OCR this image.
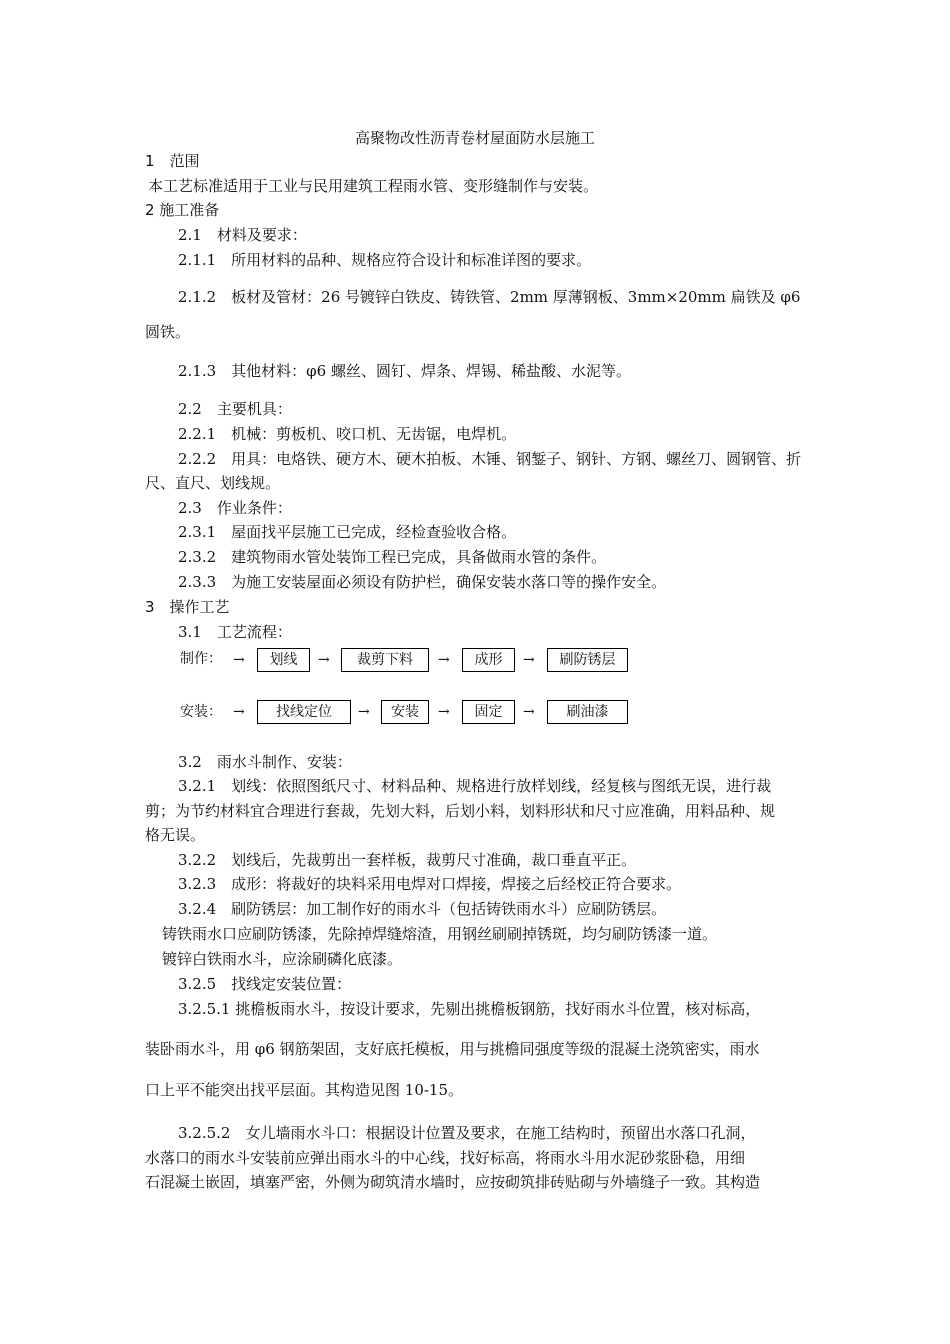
高聚物改性沥青卷材屋面防水层施工
1　范围
本工艺标准适用于工业与民用建筑工程雨水管、变形缝制作与安装。
2 施工准备
2.1　材料及要求：
2.1.1　所用材料的品种、规格应符合设计和标准详图的要求。
2.1.2　板材及管材：26 号镀锌白铁皮、铸铁管、2mm 厚薄钢板、3mm×20mm 扁铁及 φ6
圆铁。
2.1.3　其他材料：φ6 螺丝、圆钉、焊条、焊锡、稀盐酸、水泥等。
2.2　主要机具：
2.2.1　机械：剪板机、咬口机、无齿锯，电焊机。
2.2.2　用具：电烙铁、硬方木、硬木拍板、木锤、钢錾子、钢针、方钢、螺丝刀、圆钢管、折
尺、直尺、划线规。
2.3　作业条件：
2.3.1　屋面找平层施工已完成，经检查验收合格。
2.3.2　建筑物雨水管处装饰工程已完成，具备做雨水管的条件。
2.3.3　为施工安装屋面必须设有防护栏，确保安装水落口等的操作安全。
3　操作工艺
3.1　工艺流程：
制作： →	划线	→	裁剪下料	→	成形	→	刷防锈层
安装： →	找线定位	→	安装	→	固定	→	刷油漆
3.2　雨水斗制作、安装：
3.2.1　划线：依照图纸尺寸、材料品种、规格进行放样划线，经复核与图纸无误，进行裁
剪；为节约材料宜合理进行套裁，先划大料，后划小料，划料形状和尺寸应准确，用料品种、规
格无误。
3.2.2　划线后，先裁剪出一套样板，裁剪尺寸准确，裁口垂直平正。
3.2.3　成形：将裁好的块料采用电焊对口焊接，焊接之后经校正符合要求。
3.2.4　刷防锈层：加工制作好的雨水斗（包括铸铁雨水斗）应刷防锈层。
铸铁雨水口应刷防锈漆，先除掉焊缝熔渣，用钢丝刷刷掉锈斑，均匀刷防锈漆一道。
镀锌白铁雨水斗，应涂刷磷化底漆。
3.2.5　找线定安装位置：
3.2.5.1 挑檐板雨水斗，按设计要求，先剔出挑檐板钢筋，找好雨水斗位置，核对标高，
装卧雨水斗，用 φ6 钢筋架固，支好底托模板，用与挑檐同强度等级的混凝土浇筑密实，雨水
口上平不能突出找平层面。其构造见图 10-15。
3.2.5.2　女儿墙雨水斗口：根据设计位置及要求，在施工结构时，预留出水落口孔洞，
水落口的雨水斗安装前应弹出雨水斗的中心线，找好标高，将雨水斗用水泥砂浆卧稳，用细
石混凝土嵌固，填塞严密，外侧为砌筑清水墙时，应按砌筑排砖贴砌与外墙缝子一致。其构造
